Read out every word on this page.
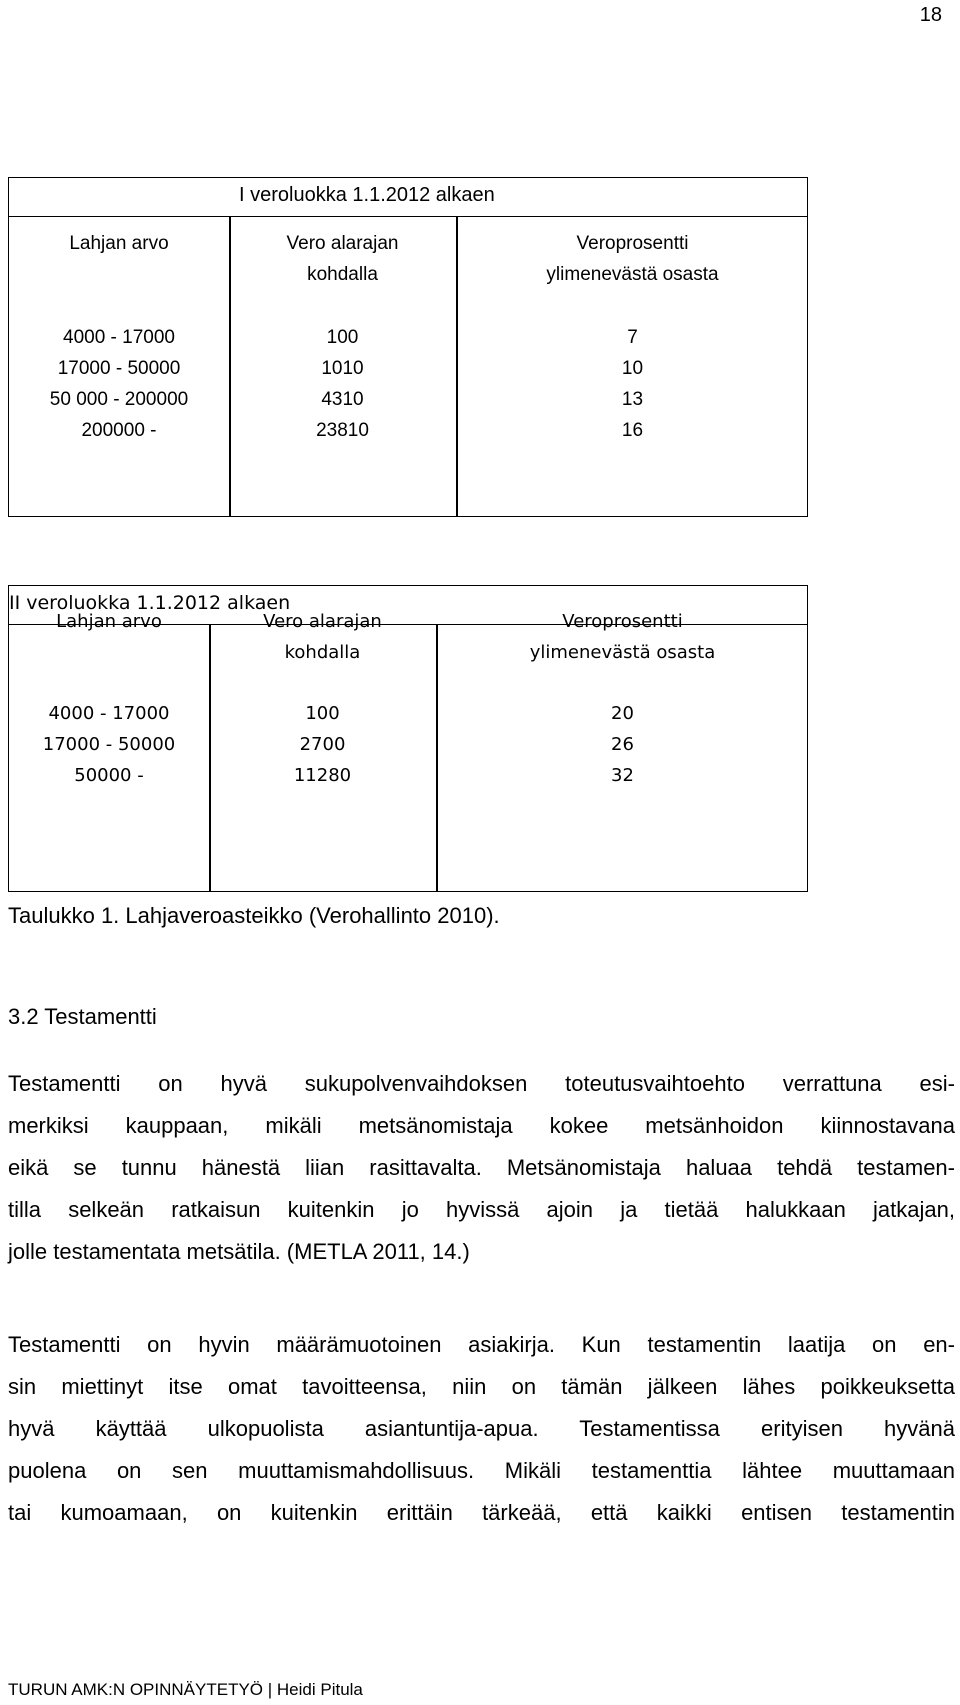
18
I veroluokka 1.1.2012 alkaen
Lahjan arvo	Vero alarajan
kohdalla
Veroprosentti
ylimenevästä osasta
4000 - 17000
17000 - 50000
50 000 - 200000
200000 -
100
1010
4310
23810
7
10
13
16
II veroluokka 1.1.2012 alkaen
Lahjan arvo	Vero alarajan
kohdalla
Veroprosentti
ylimenevästä osasta
4000 - 17000
17000 - 50000
50000 -
100
2700
11280
20
26
32
Taulukko 1. Lahjaveroasteikko (Verohallinto 2010).
3.2 Testamentti
Testamentti on hyvä sukupolvenvaihdoksen toteutusvaihtoehto verrattuna esi-
merkiksi kauppaan, mikäli metsänomistaja kokee metsänhoidon kiinnostavana
eikä se tunnu hänestä liian rasittavalta. Metsänomistaja haluaa tehdä testamen-
tilla selkeän ratkaisun kuitenkin jo hyvissä ajoin ja tietää halukkaan jatkajan,
jolle testamentata metsätila. (METLA 2011, 14.)
Testamentti on hyvin määrämuotoinen asiakirja. Kun testamentin laatija on en-
sin miettinyt itse omat tavoitteensa, niin on tämän jälkeen lähes poikkeuksetta
hyvä käyttää ulkopuolista asiantuntija-apua. Testamentissa erityisen hyvänä
puolena on sen muuttamismahdollisuus. Mikäli testamenttia lähtee muuttamaan
tai kumoamaan, on kuitenkin erittäin tärkeää, että kaikki entisen testamentin
TURUN AMK:N OPINNÄYTETYÖ | Heidi Pitula
